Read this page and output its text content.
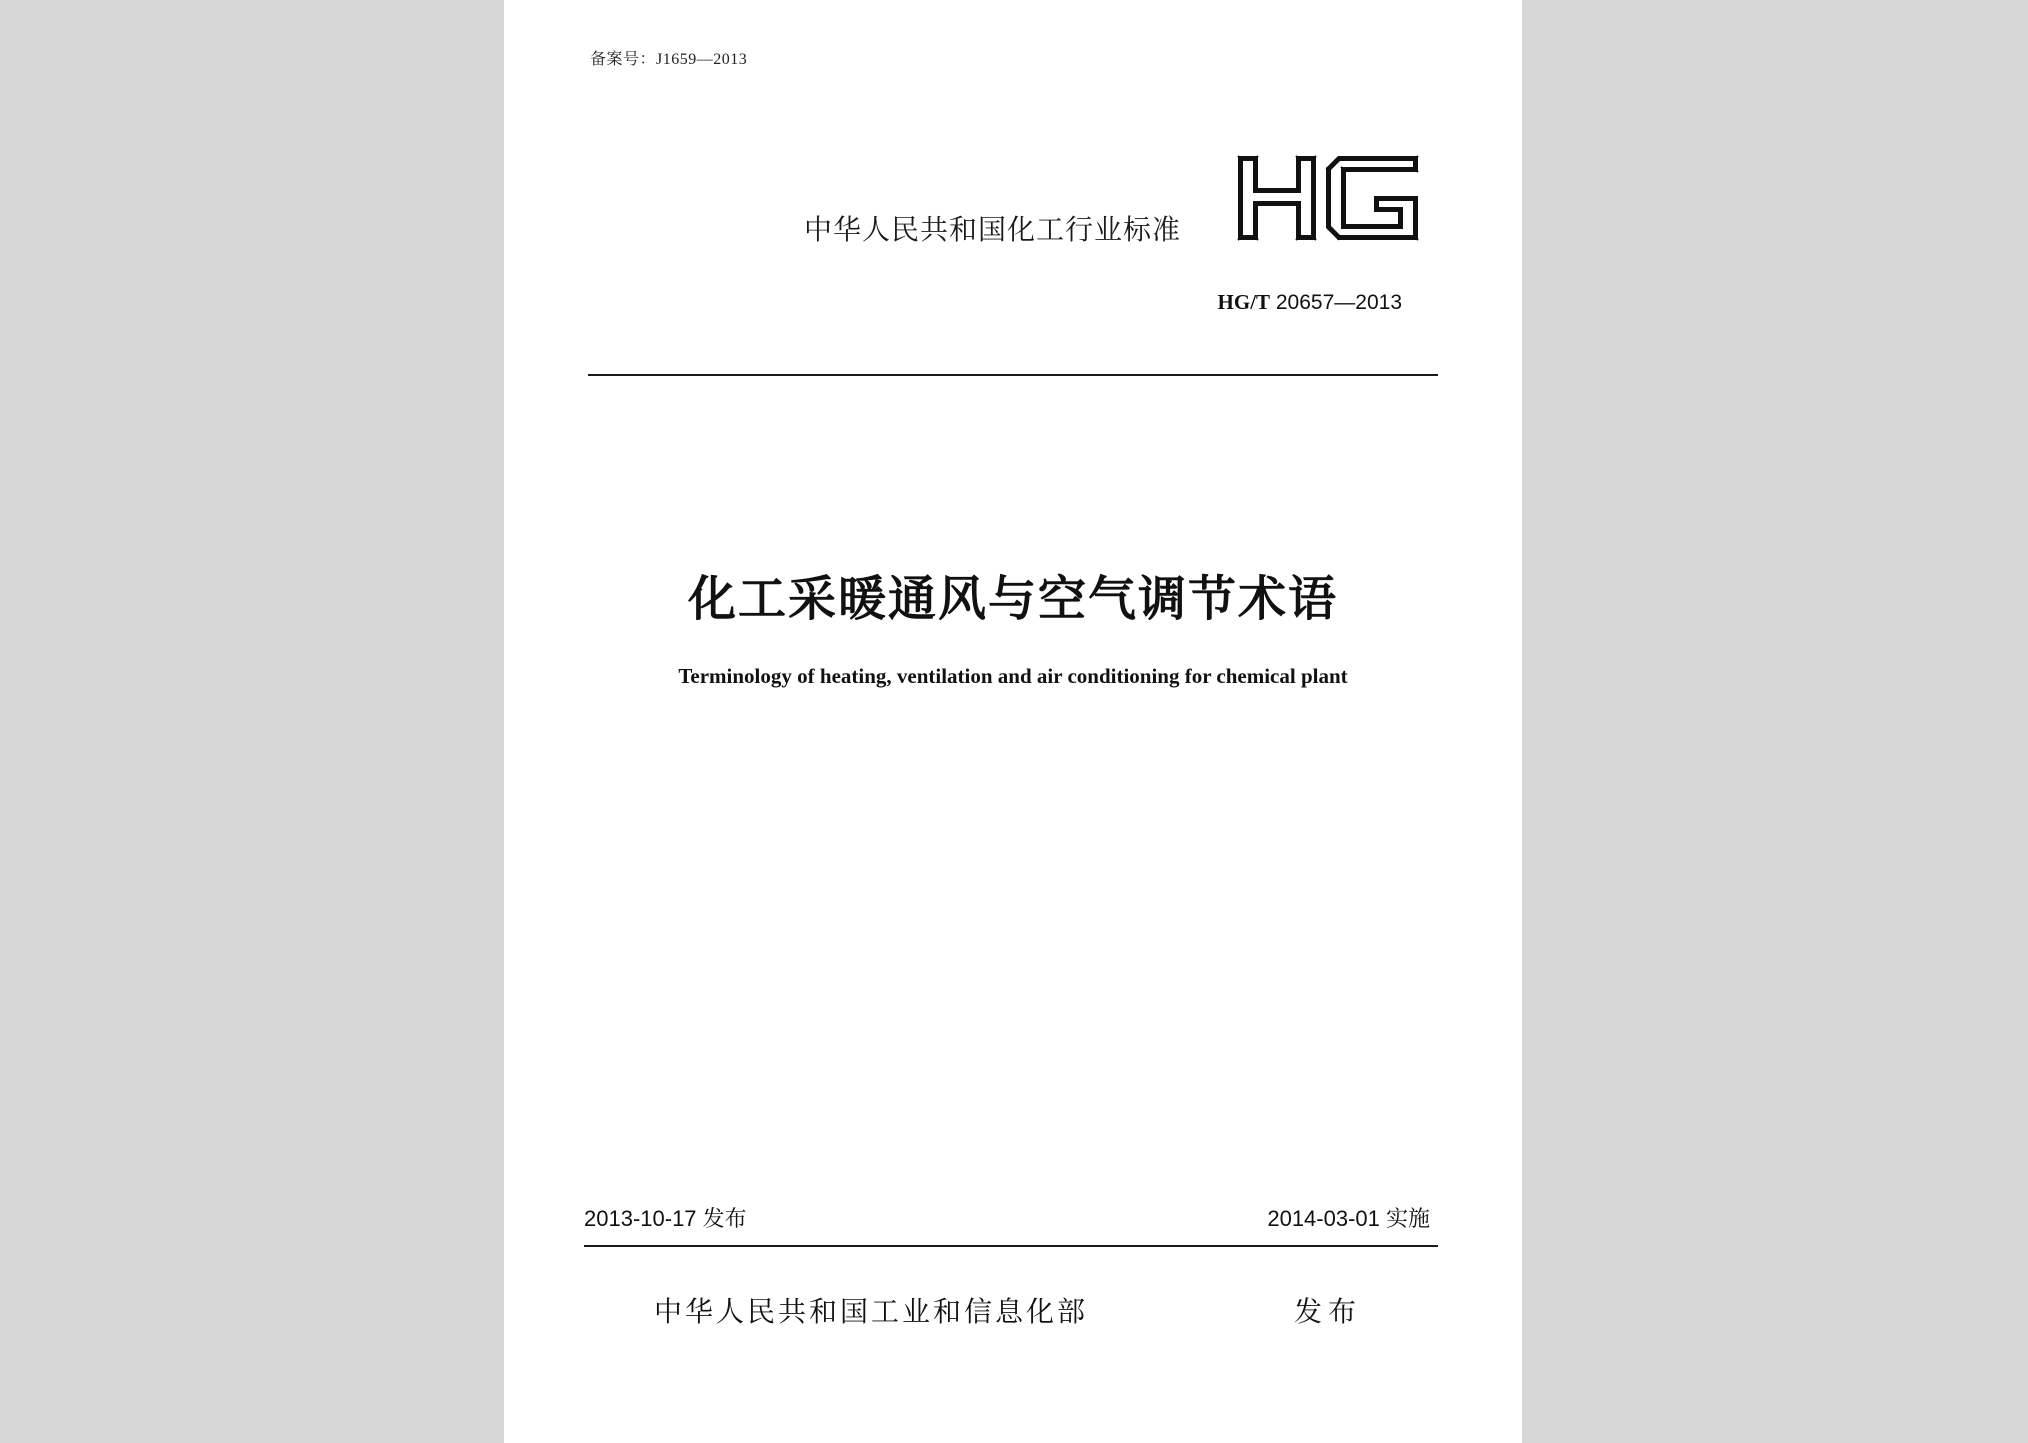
备案号：J1659—2013
中华人民共和国化工行业标准
HG/T 20657—2013
化工采暖通风与空气调节术语
Terminology of heating, ventilation and air conditioning for chemical plant
2013-10-17 发布	2014-03-01 实施
中华人民共和国工业和信息化部	发布
